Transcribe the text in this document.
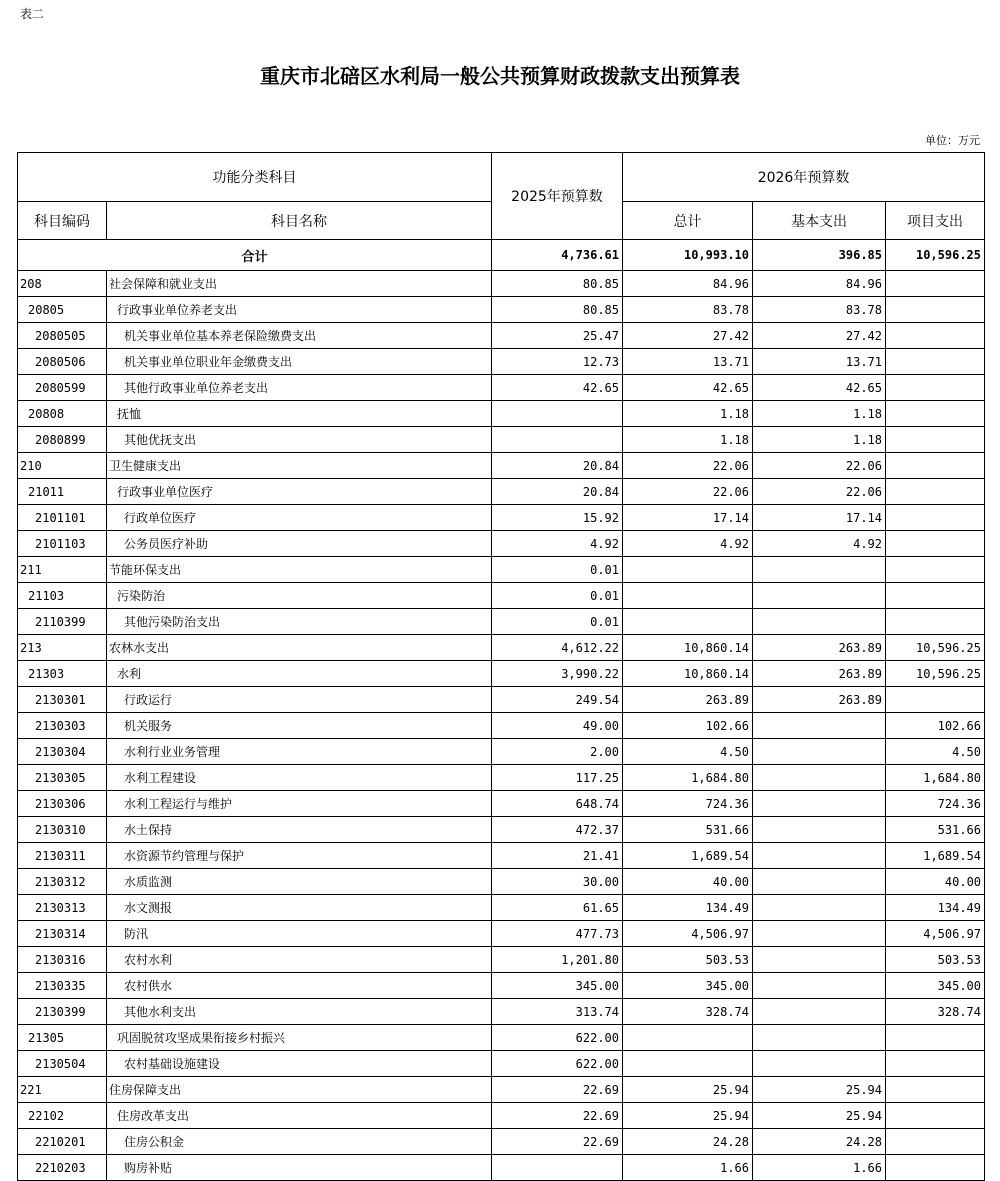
表二
重庆市北碚区水利局一般公共预算财政拨款支出预算表
单位：万元
功能分类科目		2025年预算数	2026年预算数		
科目编码	科目名称		总计	基本支出	项目支出
合计		4,736.61	10,993.10	396.85	10,596.25
208	社会保障和就业支出	80.85	84.96	84.96	
20805	行政事业单位养老支出	80.85	83.78	83.78	
2080505	机关事业单位基本养老保险缴费支出	25.47	27.42	27.42	
2080506	机关事业单位职业年金缴费支出	12.73	13.71	13.71	
2080599	其他行政事业单位养老支出	42.65	42.65	42.65	
20808	抚恤		1.18	1.18	
2080899	其他优抚支出		1.18	1.18	
210	卫生健康支出	20.84	22.06	22.06	
21011	行政事业单位医疗	20.84	22.06	22.06	
2101101	行政单位医疗	15.92	17.14	17.14	
2101103	公务员医疗补助	4.92	4.92	4.92	
211	节能环保支出	0.01			
21103	污染防治	0.01			
2110399	其他污染防治支出	0.01			
213	农林水支出	4,612.22	10,860.14	263.89	10,596.25
21303	水利	3,990.22	10,860.14	263.89	10,596.25
2130301	行政运行	249.54	263.89	263.89	
2130303	机关服务	49.00	102.66		102.66
2130304	水利行业业务管理	2.00	4.50		4.50
2130305	水利工程建设	117.25	1,684.80		1,684.80
2130306	水利工程运行与维护	648.74	724.36		724.36
2130310	水土保持	472.37	531.66		531.66
2130311	水资源节约管理与保护	21.41	1,689.54		1,689.54
2130312	水质监测	30.00	40.00		40.00
2130313	水文测报	61.65	134.49		134.49
2130314	防汛	477.73	4,506.97		4,506.97
2130316	农村水利	1,201.80	503.53		503.53
2130335	农村供水	345.00	345.00		345.00
2130399	其他水利支出	313.74	328.74		328.74
21305	巩固脱贫攻坚成果衔接乡村振兴	622.00			
2130504	农村基础设施建设	622.00			
221	住房保障支出	22.69	25.94	25.94	
22102	住房改革支出	22.69	25.94	25.94	
2210201	住房公积金	22.69	24.28	24.28	
2210203	购房补贴		1.66	1.66	
